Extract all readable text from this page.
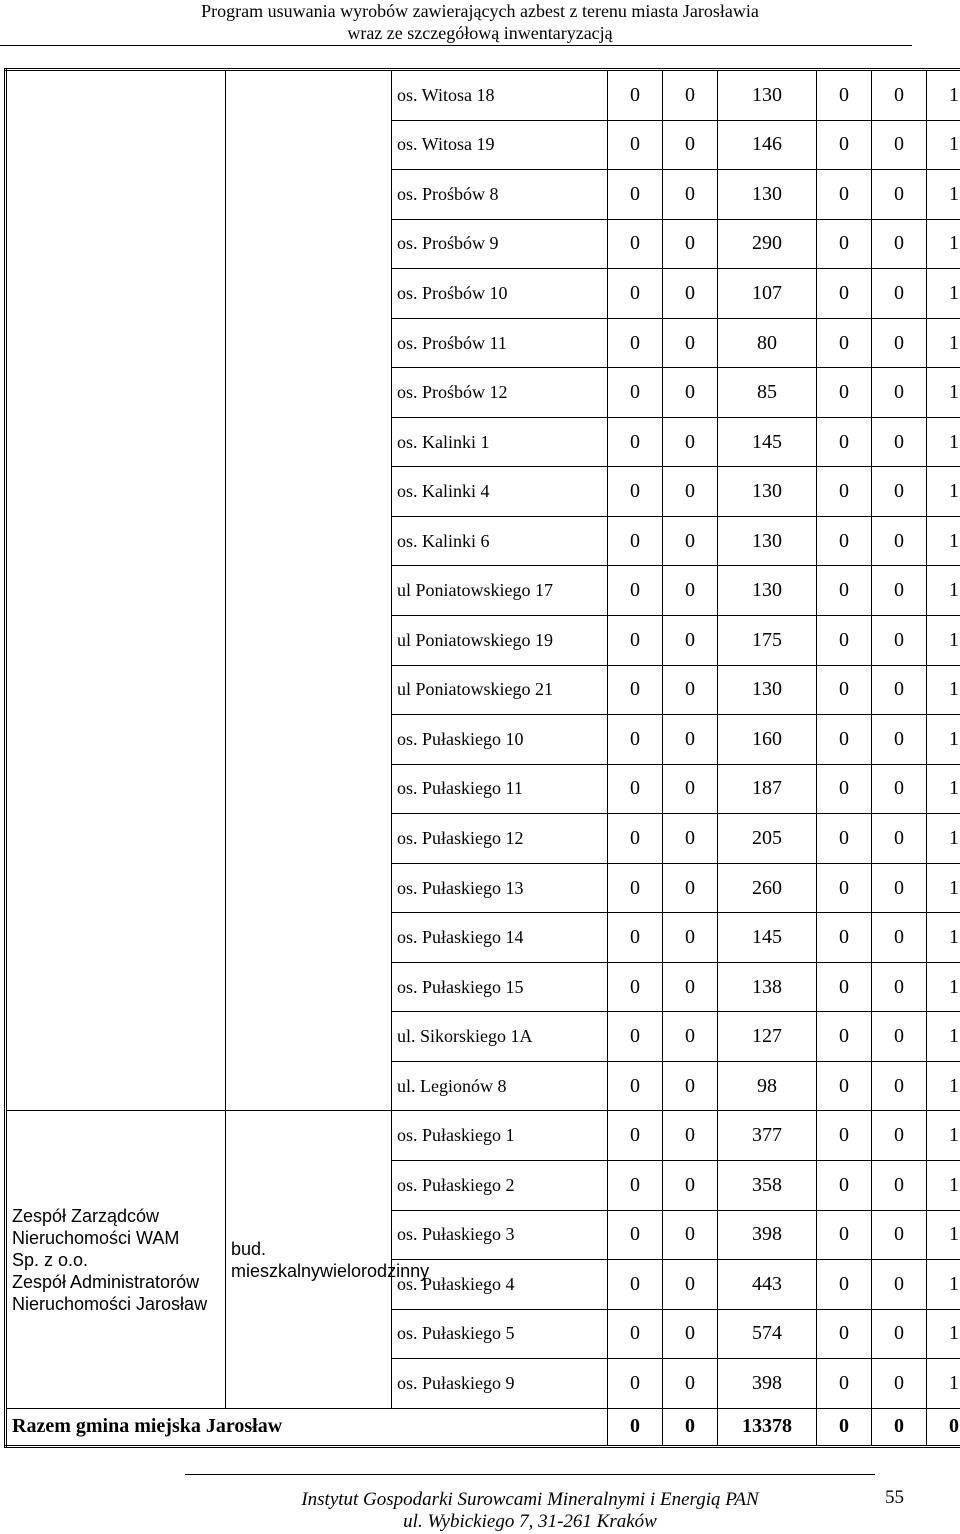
Program usuwania wyrobów zawierających azbest z terenu miasta Jarosławia
wraz ze szczegółową inwentaryzacją
		os. Witosa 18	0	0	130	0	0	1
		os. Witosa 19	0	0	146	0	0	1
		os. Prośbów 8	0	0	130	0	0	1
		os. Prośbów 9	0	0	290	0	0	1
		os. Prośbów 10	0	0	107	0	0	1
		os. Prośbów 11	0	0	80	0	0	1
		os. Prośbów 12	0	0	85	0	0	1
		os. Kalinki 1	0	0	145	0	0	1
		os. Kalinki 4	0	0	130	0	0	1
		os. Kalinki 6	0	0	130	0	0	1
		ul Poniatowskiego 17	0	0	130	0	0	1
		ul Poniatowskiego 19	0	0	175	0	0	1
		ul Poniatowskiego 21	0	0	130	0	0	1
		os. Pułaskiego 10	0	0	160	0	0	1
		os. Pułaskiego 11	0	0	187	0	0	1
		os. Pułaskiego 12	0	0	205	0	0	1
		os. Pułaskiego 13	0	0	260	0	0	1
		os. Pułaskiego 14	0	0	145	0	0	1
		os. Pułaskiego 15	0	0	138	0	0	1
		ul. Sikorskiego 1A	0	0	127	0	0	1
		ul. Legionów 8	0	0	98	0	0	1

Zespół Zarządców
Nieruchomości WAM
Sp. z o.o.
Zespół Administratorów
Nieruchomości Jarosław	bud. mieszkalnywielorodzinny	os. Pułaskiego 1	0	0	377	0	0	1
		os. Pułaskiego 2	0	0	358	0	0	1
		os. Pułaskiego 3	0	0	398	0	0	1
		os. Pułaskiego 4	0	0	443	0	0	1
		os. Pułaskiego 5	0	0	574	0	0	1
		os. Pułaskiego 9	0	0	398	0	0	1
Razem gmina miejska Jarosław			0	0	13378	0	0	0
Instytut Gospodarki Surowcami Mineralnymi i Energią PAN
ul. Wybickiego 7, 31-261 Kraków
55
